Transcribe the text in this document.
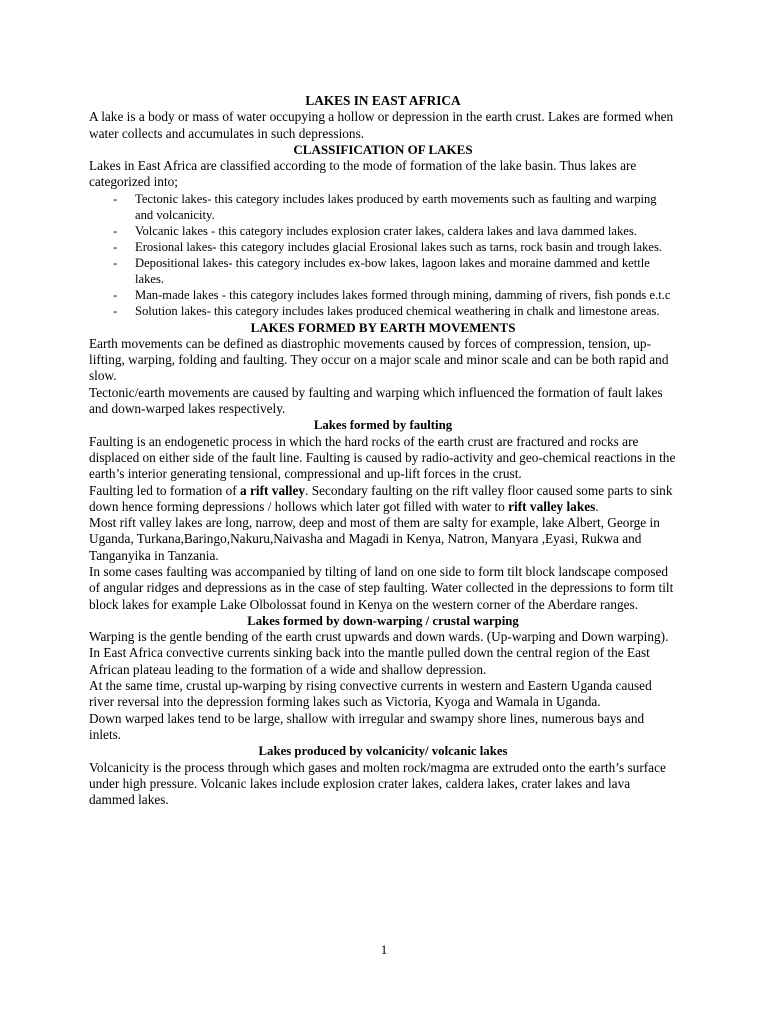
LAKES IN EAST AFRICA

A lake is a body or mass of water occupying a hollow or depression in the earth crust. Lakes are formed when water collects and accumulates in such depressions.

CLASSIFICATION OF LAKES

Lakes in East Africa are classified according to the mode of formation of the lake basin. Thus lakes are categorized into;

- Tectonic lakes- this category includes lakes produced by earth movements such as faulting and warping and volcanicity.
- Volcanic lakes - this category includes explosion crater lakes, caldera lakes and lava dammed lakes.
- Erosional lakes- this category includes glacial Erosional lakes such as tarns, rock basin and trough lakes.
- Depositional lakes- this category includes ex-bow lakes, lagoon lakes and moraine dammed and kettle lakes.
- Man-made lakes - this category includes lakes formed through mining, damming of rivers, fish ponds e.t.c
- Solution lakes- this category includes lakes produced chemical weathering in chalk and limestone areas.

LAKES FORMED BY EARTH MOVEMENTS

Earth movements can be defined as diastrophic movements caused by forces of compression, tension, up-lifting, warping, folding and faulting. They occur on a major scale and minor scale and can be both rapid and slow.

Tectonic/earth movements are caused by faulting and warping which influenced the formation of fault lakes and down-warped lakes respectively.

Lakes formed by faulting

Faulting is an endogenetic process in which the hard rocks of the earth crust are fractured and rocks are displaced on either side of the fault line. Faulting is caused by radio-activity and geo-chemical reactions in the earth’s interior generating tensional, compressional and up-lift forces in the crust.

Faulting led to formation of a rift valley. Secondary faulting on the rift valley floor caused some parts to sink down hence forming depressions / hollows which later got filled with water to rift valley lakes.

Most rift valley lakes are long, narrow, deep and most of them are salty for example, lake Albert, George in Uganda, Turkana,Baringo,Nakuru,Naivasha and Magadi in Kenya, Natron, Manyara ,Eyasi, Rukwa and Tanganyika in Tanzania.

In some cases faulting was accompanied by tilting of land on one side to form tilt block landscape composed of angular ridges and depressions as in the case of step faulting. Water collected in the depressions to form tilt block lakes for example Lake Olbolossat found in Kenya on the western corner of the Aberdare ranges.

Lakes formed by down-warping / crustal warping

Warping is the gentle bending of the earth crust upwards and down wards. (Up-warping and Down warping).

In East Africa convective currents sinking back into the mantle pulled down the central region of the East African plateau leading to the formation of a wide and shallow depression.

At the same time, crustal up-warping by rising convective currents in western and Eastern Uganda caused river reversal into the depression forming lakes such as Victoria, Kyoga and Wamala in Uganda.

Down warped lakes tend to be large, shallow with irregular and swampy shore lines, numerous bays and inlets.

Lakes produced by volcanicity/ volcanic lakes

Volcanicity is the process through which gases and molten rock/magma are extruded onto the earth’s surface under high pressure. Volcanic lakes include explosion crater lakes, caldera lakes, crater lakes and lava dammed lakes.

1
